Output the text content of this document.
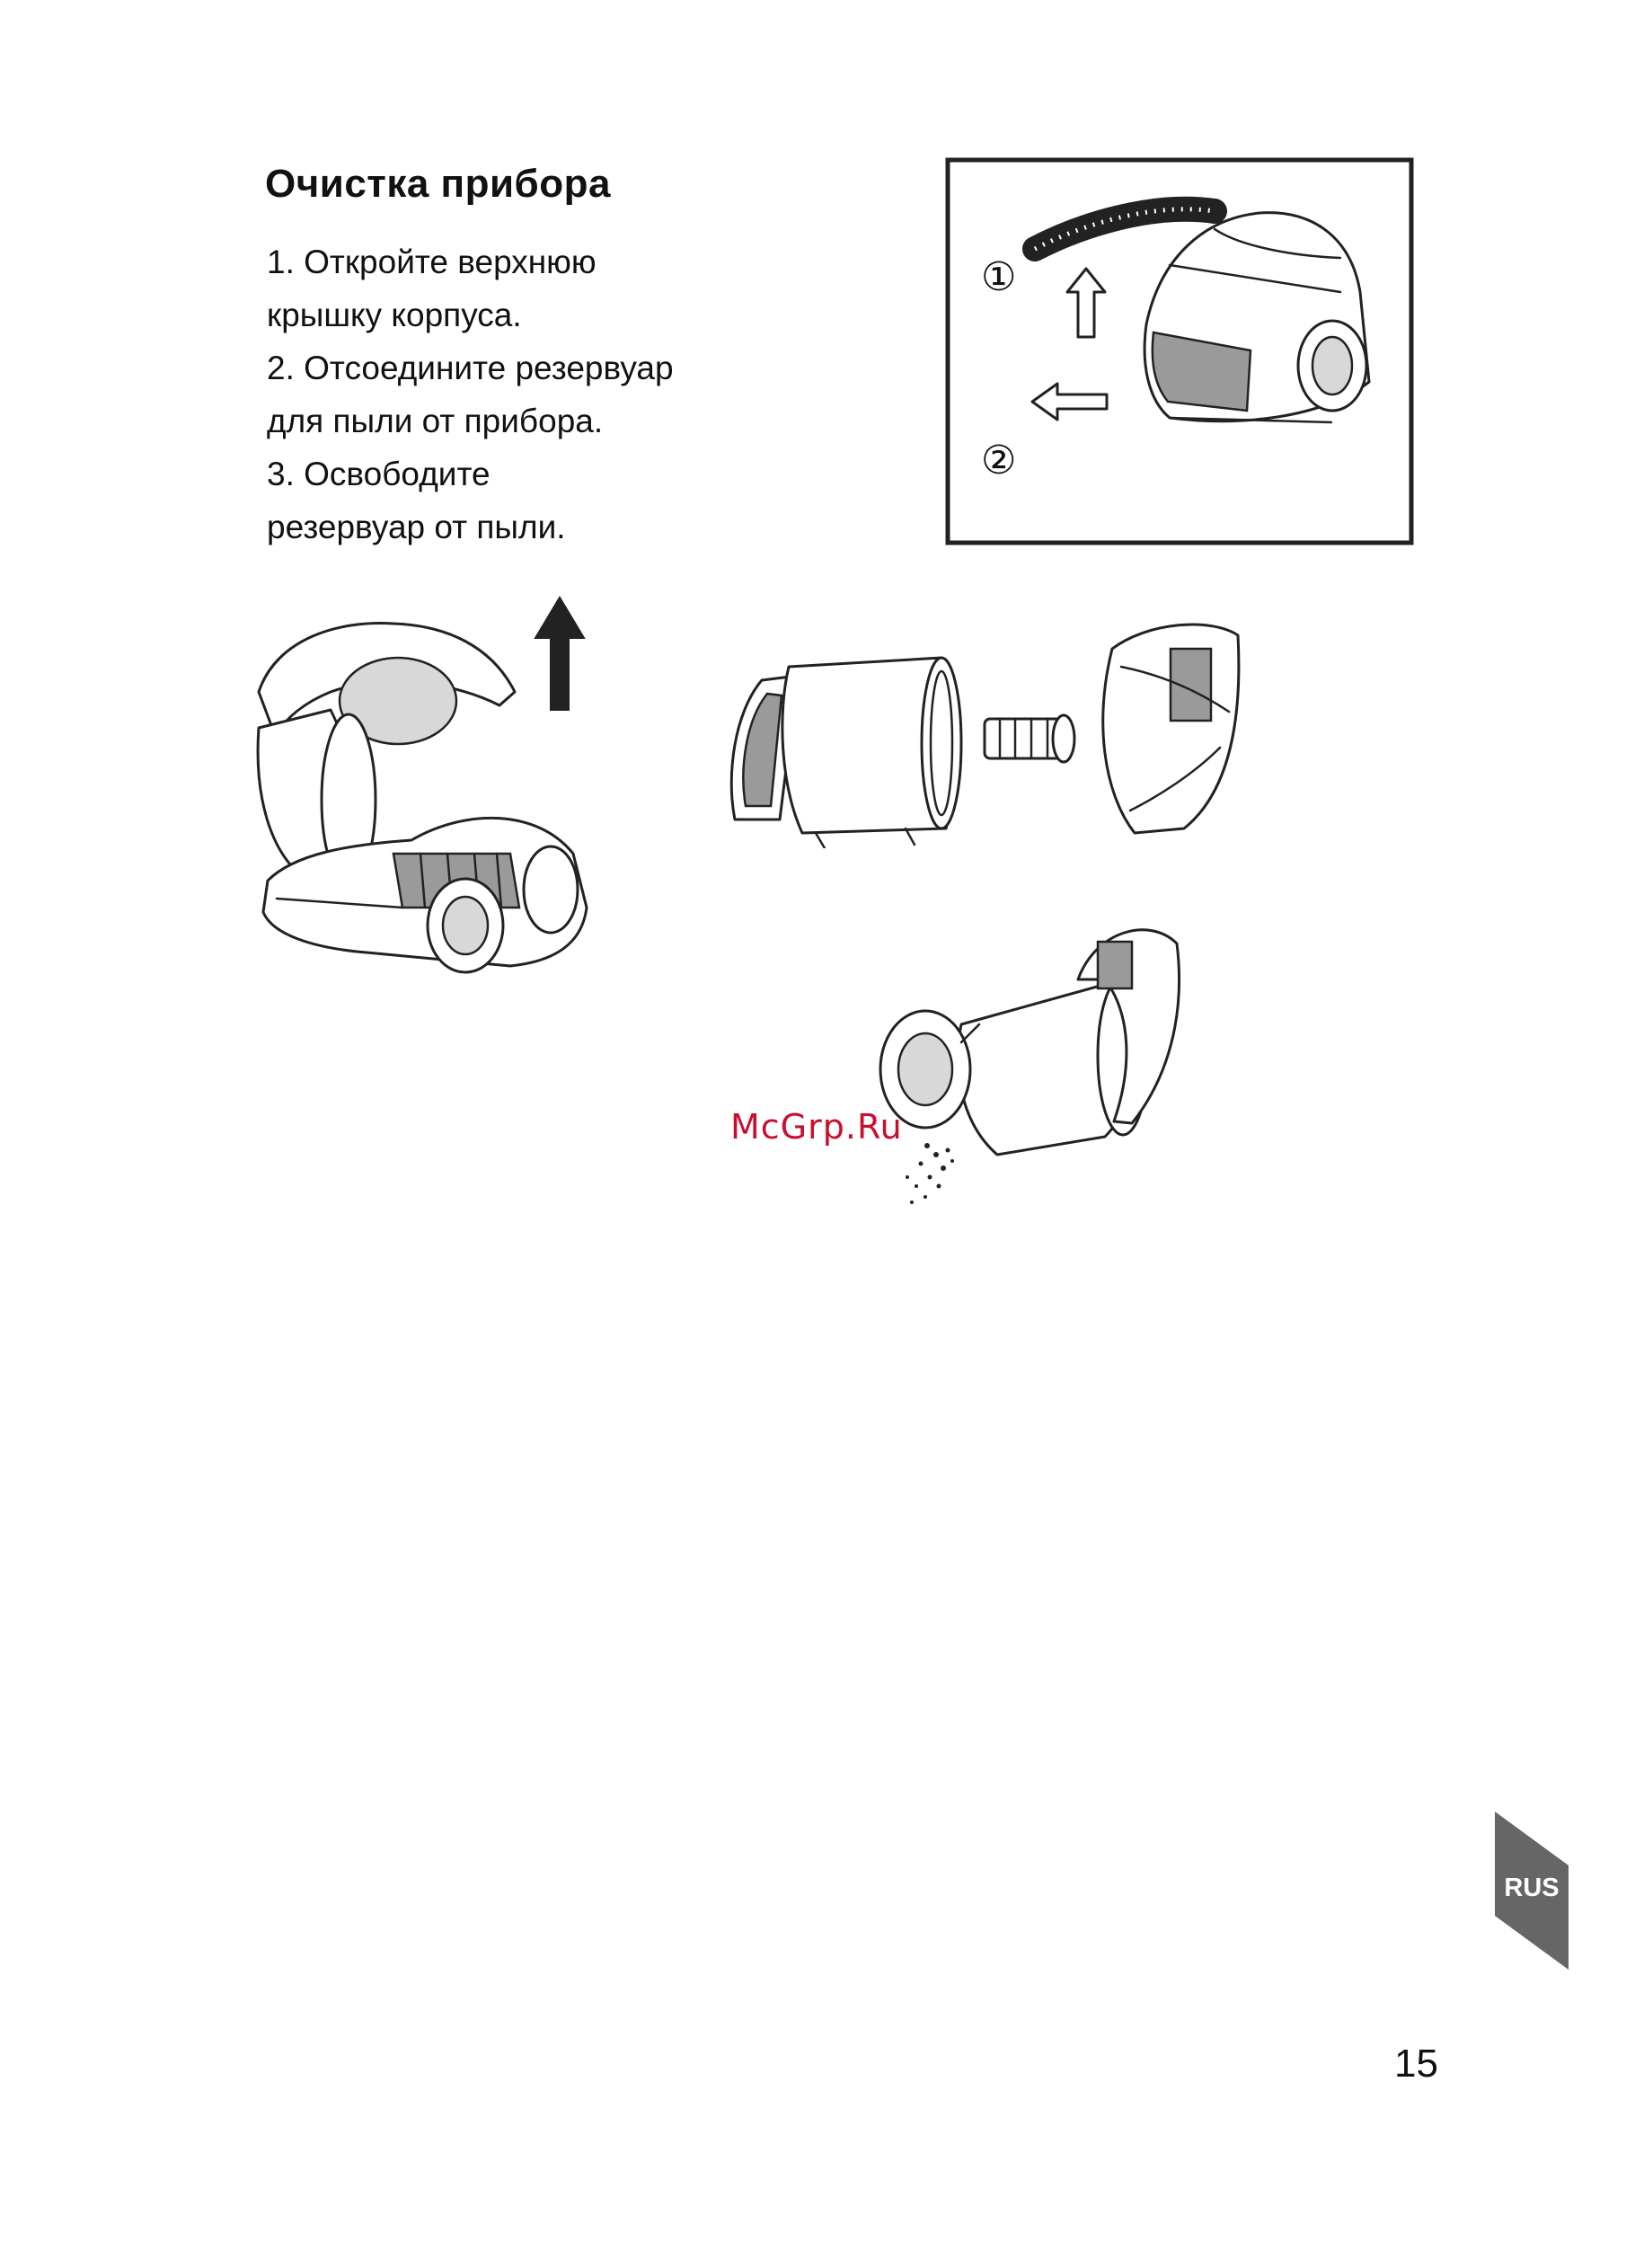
Очистка прибора
1. Откройте верхнюю
крышку корпуса.
2. Отсоедините резервуар
для пыли от прибора.
3. Освободите
резервуар от пыли.
①
②
McGrp.Ru
RUS
15
